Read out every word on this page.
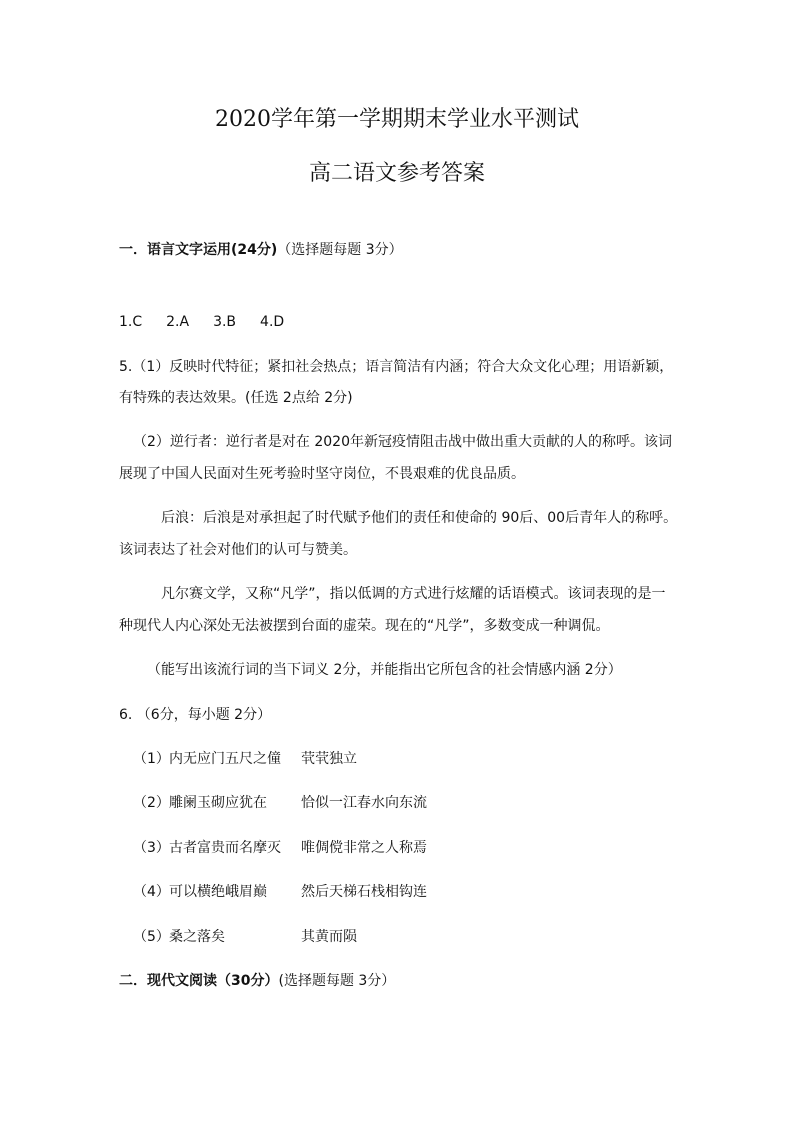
2020学年第一学期期末学业水平测试
高二语文参考答案
一．语言文字运用(24分)（选择题每题 3分）
1.C 2.A 3.B 4.D
5.（1）反映时代特征；紧扣社会热点；语言简洁有内涵；符合大众文化心理；用语新颖，
有特殊的表达效果。(任选 2点给 2分)
（2）逆行者：逆行者是对在 2020年新冠疫情阻击战中做出重大贡献的人的称呼。该词
展现了中国人民面对生死考验时坚守岗位，不畏艰难的优良品质。
后浪：后浪是对承担起了时代赋予他们的责任和使命的 90后、00后青年人的称呼。
该词表达了社会对他们的认可与赞美。
凡尔赛文学，又称“凡学”，指以低调的方式进行炫耀的话语模式。该词表现的是一
种现代人内心深处无法被摆到台面的虚荣。现在的“凡学”，多数变成一种调侃。
（能写出该流行词的当下词义 2分，并能指出它所包含的社会情感内涵 2分）
6. （6分，每小题 2分）
（1） 内无应门五尺之僮 茕茕独立
（2） 雕阑玉砌应犹在 恰似一江春水向东流
（3） 古者富贵而名摩灭 唯倜傥非常之人称焉
（4） 可以横绝峨眉巅 然后天梯石栈相钩连
（5） 桑之落矣	其黄而陨
二．现代文阅读（30分）(选择题每题 3分）
